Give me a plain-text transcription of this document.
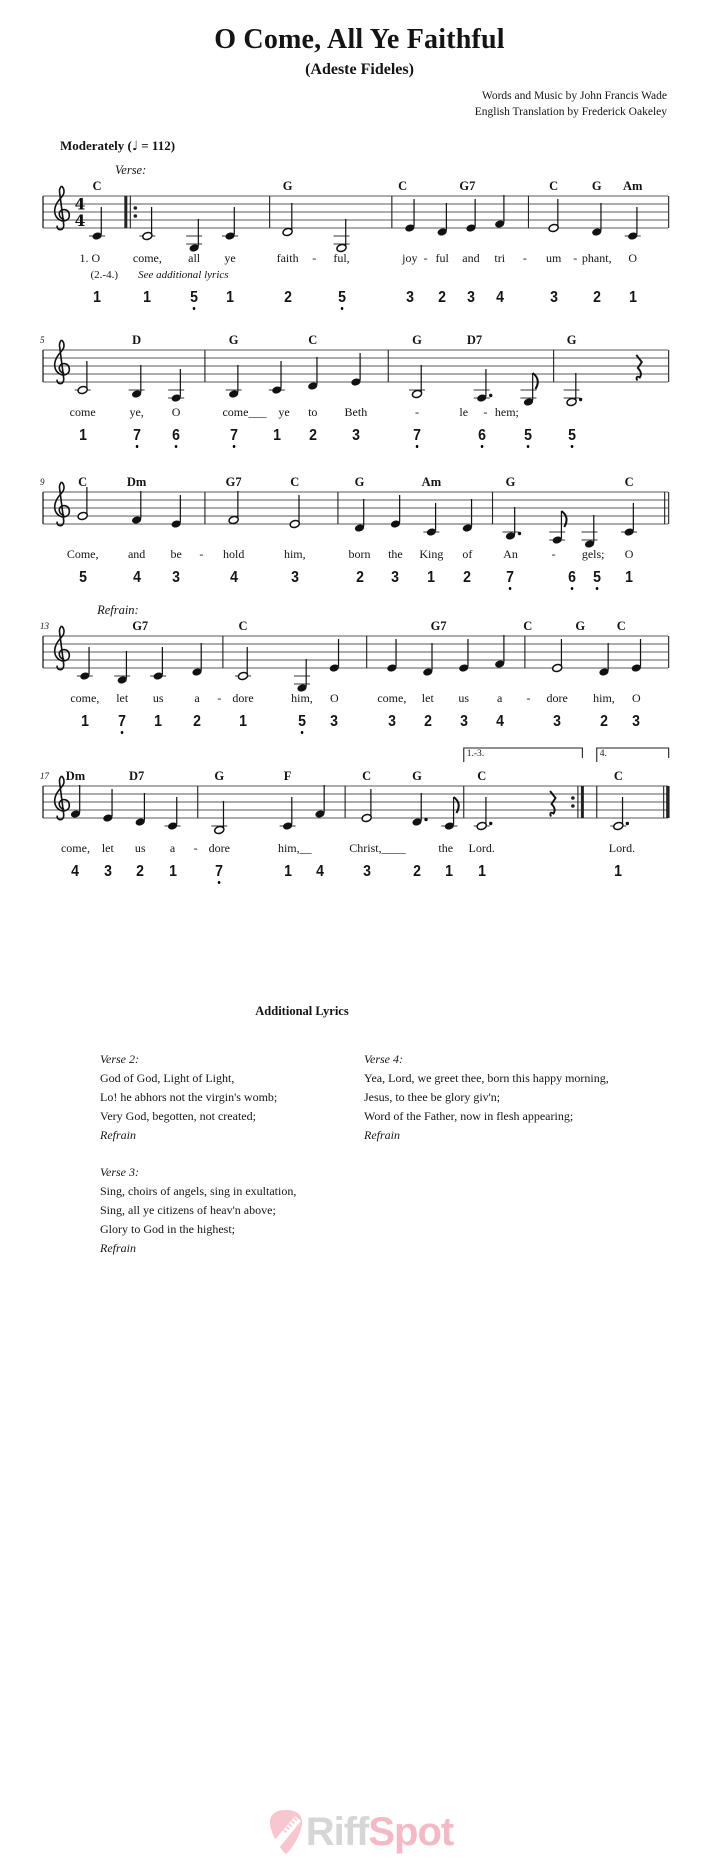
O Come, All Ye Faithful
(Adeste Fideles)
Words and Music by John Francis Wade
English Translation by Frederick Oakeley
Moderately (♩ = 112)
4
4
Additional Lyrics
Verse 2:
God of God, Light of Light,
Lo! he abhors not the virgin's womb;
Very God, begotten, not created;
Refrain
Verse 3:
Sing, choirs of angels, sing in exultation,
Sing, all ye citizens of heav'n above;
Glory to God in the highest;
Refrain
Verse 4:
Yea, Lord, we greet thee, born this happy morning,
Jesus, to thee be glory giv'n;
Word of the Father, now in flesh appearing;
Refrain
RiffSpot
Verse:
C	G	C	G7	C	G Am
1. O	come, all ye	faith - ful,	joy - ful and tri - um - phant, O
(2.-4.) See additional lyrics
1	1 5 1	2	5	3 2 3 4	3 2 1
5	D	G	C	G	D7	G
come	ye, O	come___ ye to Beth	-	le - hem;
1	7 6	7 1 2 3	7	6 5 5
9	C	Dm	G7	C	G	Am	G	C
Come, and be - hold	him,	born the King of	An	- gels; O
5	4 3	4	3	2 3 1 2 7	6 5 1
Refrain:
13	G7	C	G7	C	G	C
come, let us	a - dore	him, O	come, let us a - dore him, O
1 7 1 2 1	5 3	3 2 3 4	3 2 3
17 Dm	D7	G	F	C	G	C	C
1.-3.	4.
come, let us a - dore	him,__	Christ,____	the Lord.	Lord.
4 3 2 1 7	1 4 3	2 1 1	1
